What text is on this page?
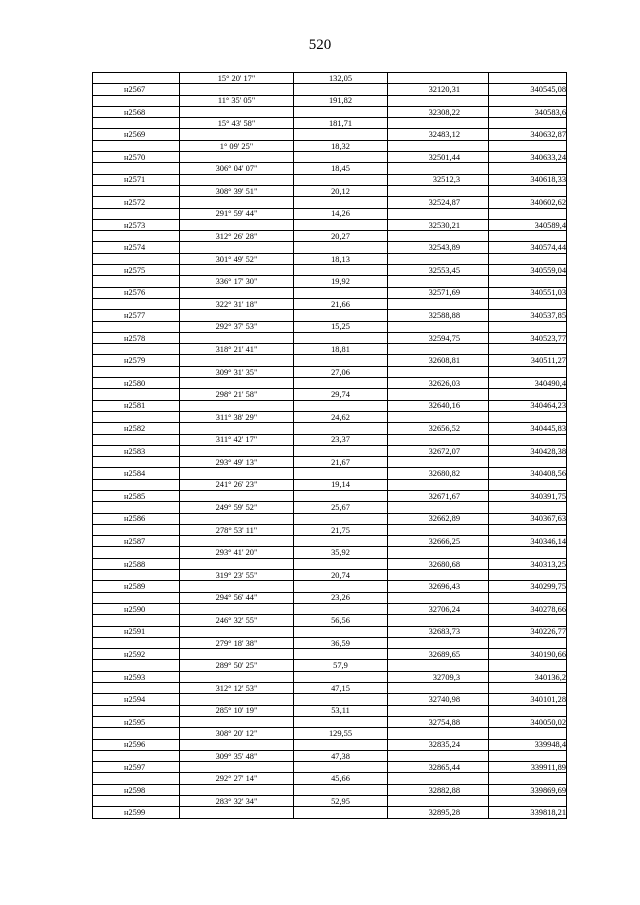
520
	15° 20' 17"	132,05		
н2567			32120,31	340545,08
	11° 35' 05"	191,82		
н2568			32308,22	340583,6
	15° 43' 58"	181,71		
н2569			32483,12	340632,87
	1° 09' 25"	18,32		
н2570			32501,44	340633,24
	306° 04' 07"	18,45		
н2571			32512,3	340618,33
	308° 39' 51"	20,12		
н2572			32524,87	340602,62
	291° 59' 44"	14,26		
н2573			32530,21	340589,4
	312° 26' 28"	20,27		
н2574			32543,89	340574,44
	301° 49' 52"	18,13		
н2575			32553,45	340559,04
	336° 17' 30"	19,92		
н2576			32571,69	340551,03
	322° 31' 18"	21,66		
н2577			32588,88	340537,85
	292° 37' 53"	15,25		
н2578			32594,75	340523,77
	318° 21' 41"	18,81		
н2579			32608,81	340511,27
	309° 31' 35"	27,06		
н2580			32626,03	340490,4
	298° 21' 58"	29,74		
н2581			32640,16	340464,23
	311° 38' 29"	24,62		
н2582			32656,52	340445,83
	311° 42' 17"	23,37		
н2583			32672,07	340428,38
	293° 49' 13"	21,67		
н2584			32680,82	340408,56
	241° 26' 23"	19,14		
н2585			32671,67	340391,75
	249° 59' 52"	25,67		
н2586			32662,89	340367,63
	278° 53' 11"	21,75		
н2587			32666,25	340346,14
	293° 41' 20"	35,92		
н2588			32680,68	340313,25
	319° 23' 55"	20,74		
н2589			32696,43	340299,75
	294° 56' 44"	23,26		
н2590			32706,24	340278,66
	246° 32' 55"	56,56		
н2591			32683,73	340226,77
	279° 18' 38"	36,59		
н2592			32689,65	340190,66
	289° 50' 25"	57,9		
н2593			32709,3	340136,2
	312° 12' 53"	47,15		
н2594			32740,98	340101,28
	285° 10' 19"	53,11		
н2595			32754,88	340050,02
	308° 20' 12"	129,55		
н2596			32835,24	339948,4
	309° 35' 48"	47,38		
н2597			32865,44	339911,89
	292° 27' 14"	45,66		
н2598			32882,88	339869,69
	283° 32' 34"	52,95		
н2599			32895,28	339818,21
